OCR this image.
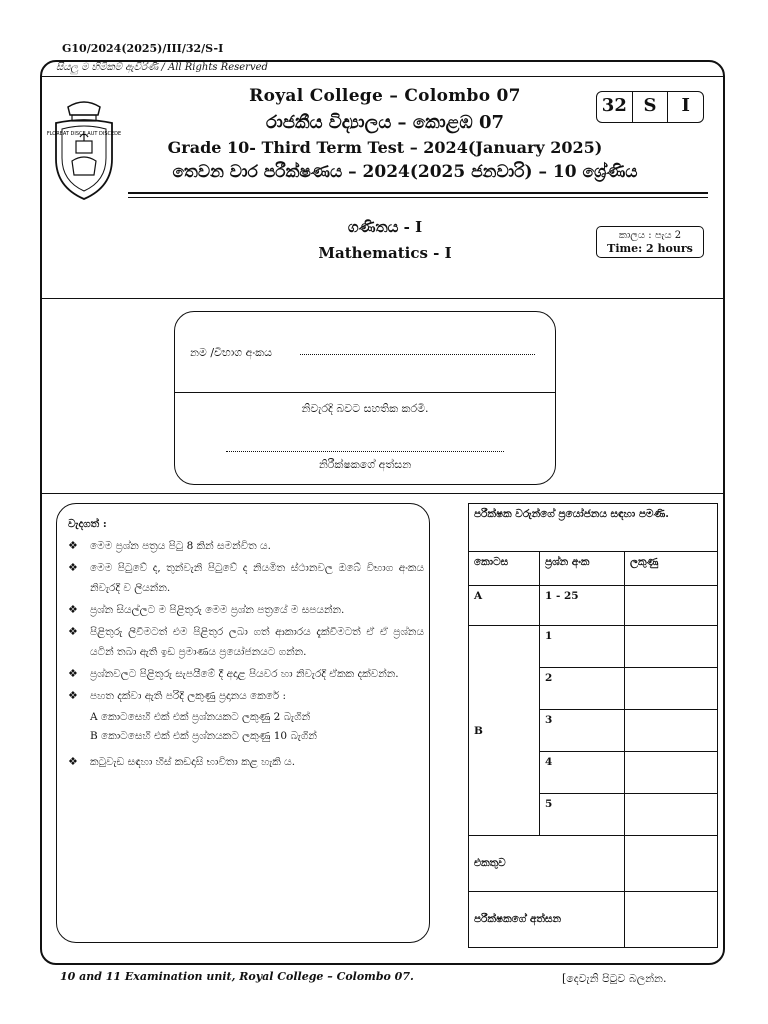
G10/2024(2025)/III/32/S-I
සියලු ම හිමිකම් ඇවිරිණි / All Rights Reserved
FLOREAT DISCE AUT DISCEDE
Royal College – Colombo 07
රාජකීය විද්‍යාලය – කොළඹ 07
Grade 10- Third Term Test – 2024(January 2025)
තෙවන වාර පරීක්ෂණය – 2024(2025 ජනවාරි) – 10 ශ්‍රේණිය
32 S	I
ගණිතය - I
Mathematics - I
කාලය : පැය 2
Time: 2 hours
නම /විභාග අංකය
නිවැරදි බවට සහතික කරමි.
නිරීක්ෂකගේ අත්සන
වැදගත් :
❖ මෙම ප්‍රශ්න පත්‍රය පිටු 8 කින් සමන්විත ය.
❖ මෙම පිටුවේ ද, තුන්වැනි පිටුවේ ද නියමිත ස්ථානවල ඔබේ විභාග අංකය නිවැරදි ව ලියන්න.
❖ ප්‍රශ්න සියල්ලට ම පිළිතුරු මෙම ප්‍රශ්න පත්‍රයේ ම සපයන්න.
❖ පිළිතුරු ලිවීමටත් එම පිළිතුර ලබා ගත් ආකාරය දැක්වීමටත් ඒ ඒ ප්‍රශ්නය යටින් තබා ඇති ඉඩ ප්‍රමාණය ප්‍රයෝජනයට ගන්න.
❖ ප්‍රශ්නවලට පිළිතුරු සැපයීමේ දී අදාළ පියවර හා නිවැරදි ඒකක දක්වන්න.
❖ පහත දක්වා ඇති පරිදි ලකුණු ප්‍රදානය කෙරේ :
A කොටසෙහි එක් එක් ප්‍රශ්නයකට ලකුණු 2 බැගින්
B කොටසෙහි එක් එක් ප්‍රශ්නයකට ලකුණු 10 බැගින්
❖ කටුවැඩ සඳහා හිස් කඩදාසි භාවිතා කළ හැකි ය.
පරීක්ෂක වරුන්ගේ ප්‍රයෝජනය සඳහා පමණි.		
කොටස	ප්‍රශ්න අංක	ලකුණු
A	1 - 25	
B	1	
	2	
	3	
	4	
	5	
එකතුව		
පරීක්ෂකගේ අත්සන		
10 and 11 Examination unit, Royal College – Colombo 07.	[දෙවැනි පිටුව බලන්න.
